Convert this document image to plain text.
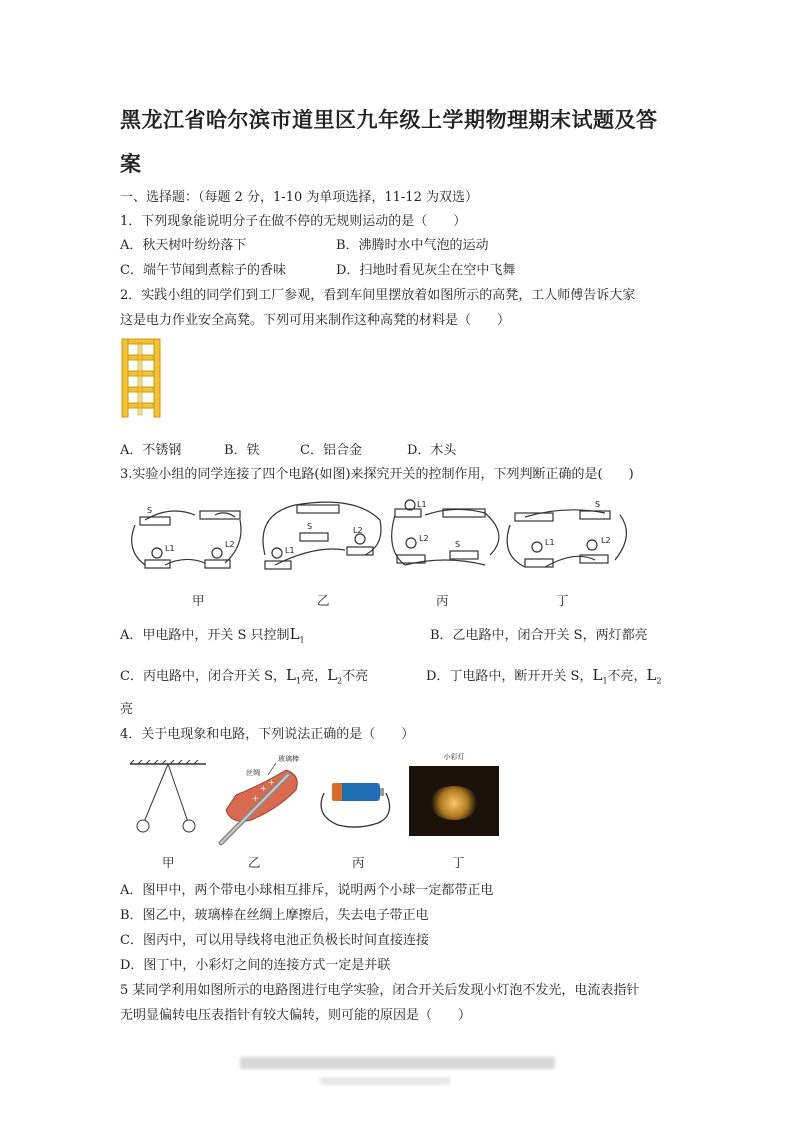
黑龙江省哈尔滨市道里区九年级上学期物理期末试题及答
案
一、选择题：（每题 2 分，1-10 为单项选择，11-12 为双选）
1．下列现象能说明分子在做不停的无规则运动的是（　　）
A．秋天树叶纷纷落下	B．沸腾时水中气泡的运动
C．端午节闻到煮粽子的香味	D．扫地时看见灰尘在空中飞舞
2．实践小组的同学们到工厂参观，看到车间里摆放着如图所示的高凳，工人师傅告诉大家
这是电力作业安全高凳。下列可用来制作这种高凳的材料是（　　）
A．不锈钢	B．铁	C．铝合金	D．木头
3.实验小组的同学连接了四个电路(如图)来探究开关的控制作用，下列判断正确的是(　　)
S
L1	L2
S
L1
L2
S
L1
L2
S
L1	L2
甲	乙	丙	丁
A．甲电路中，开关 S 只控制$L_1$	B．乙电路中，闭合开关 S，两灯都亮
C．丙电路中，闭合开关 S，$L_1$亮，$L_2$不亮	D．丁电路中，断开开关 S，$L_1$不亮，$L_2$
亮
4．关于电现象和电路，下列说法正确的是（　　）
+
+
+
丝绸
玻璃棒	小彩灯
甲	乙	丙	丁
A．图甲中，两个带电小球相互排斥，说明两个小球一定都带正电
B．图乙中，玻璃棒在丝绸上摩擦后，失去电子带正电
C．图丙中，可以用导线将电池正负极长时间直接连接
D．图丁中，小彩灯之间的连接方式一定是并联
5 某同学利用如图所示的电路图进行电学实验，闭合开关后发现小灯泡不发光，电流表指针
无明显偏转电压表指针有较大偏转，则可能的原因是（　　）
